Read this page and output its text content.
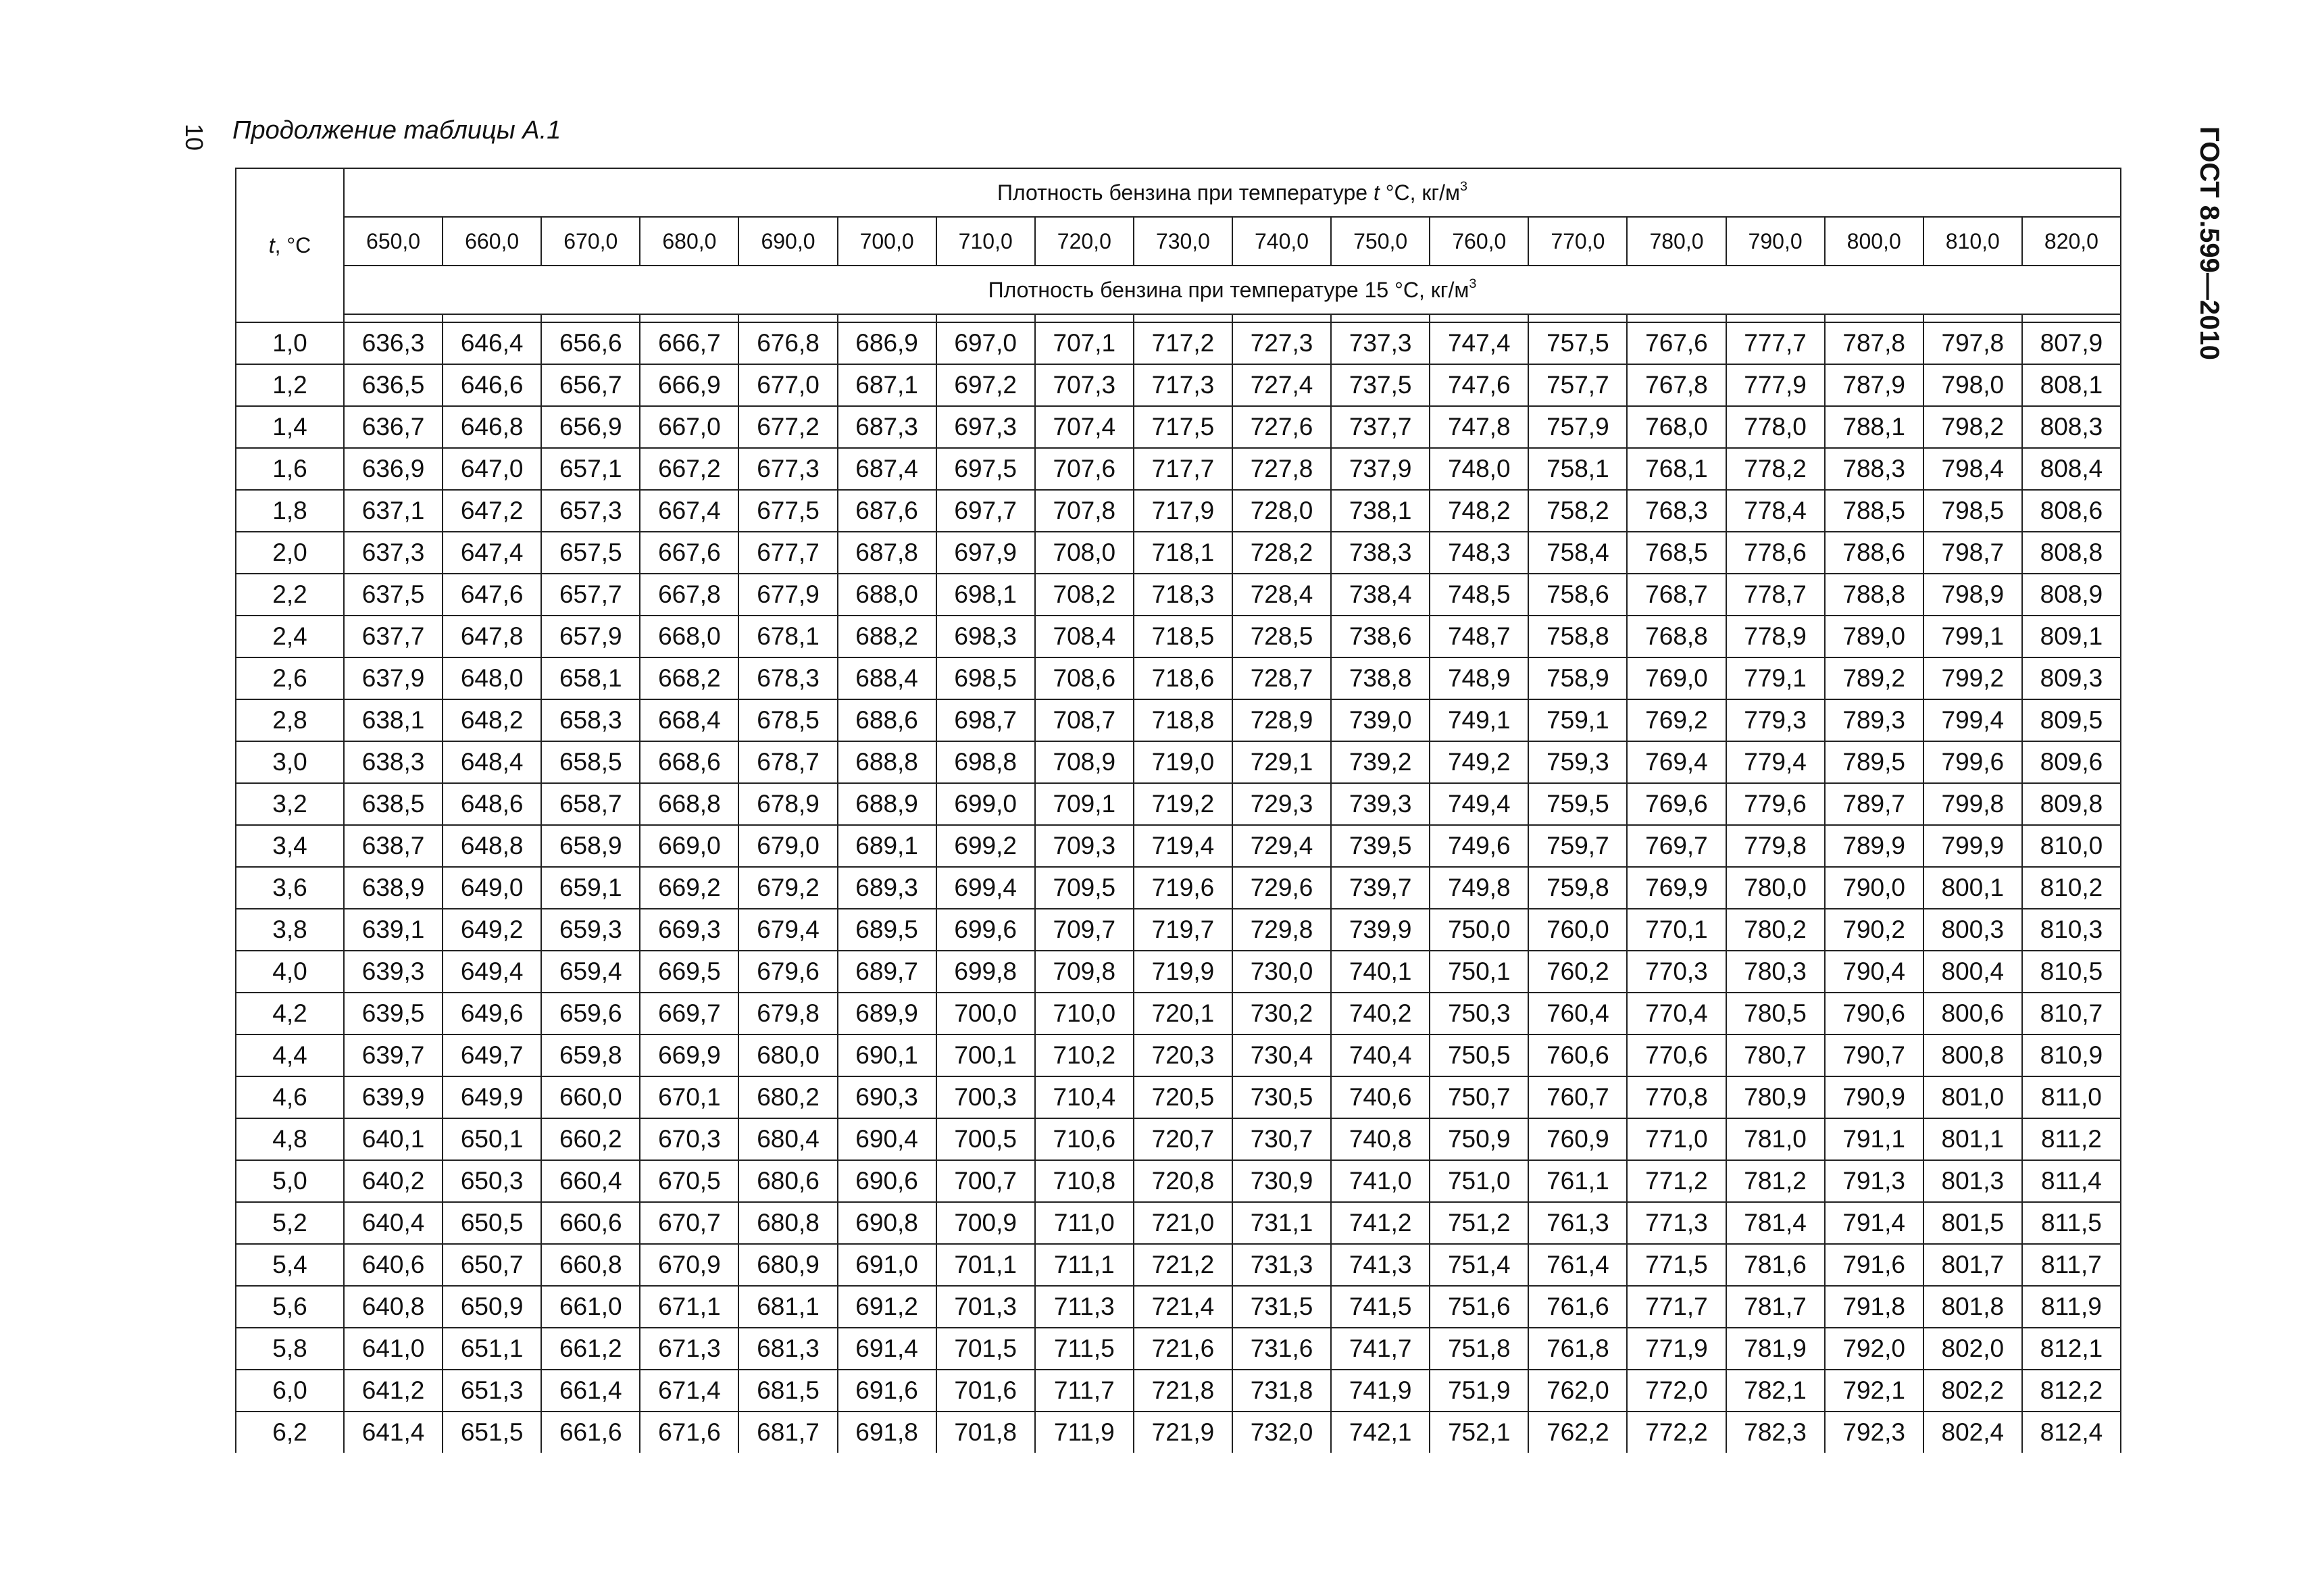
10 Продолжение таблицы А.1	ГОСТ 8.599—2010
t, °C	Плотность бензина при температуре t °C, $кг/м^3$
	650,0	660,0	670,0	680,0	690,0	700,0	710,0	720,0	730,0	740,0	750,0	760,0	770,0	780,0	790,0	800,0	810,0	820,0
	Плотность бензина при температуре 15 °C, $кг/м^3$

1,0	636,3	646,4	656,6	666,7	676,8	686,9	697,0	707,1	717,2	727,3	737,3	747,4	757,5	767,6	777,7	787,8	797,8	807,9
1,2	636,5	646,6	656,7	666,9	677,0	687,1	697,2	707,3	717,3	727,4	737,5	747,6	757,7	767,8	777,9	787,9	798,0	808,1
1,4	636,7	646,8	656,9	667,0	677,2	687,3	697,3	707,4	717,5	727,6	737,7	747,8	757,9	768,0	778,0	788,1	798,2	808,3
1,6	636,9	647,0	657,1	667,2	677,3	687,4	697,5	707,6	717,7	727,8	737,9	748,0	758,1	768,1	778,2	788,3	798,4	808,4
1,8	637,1	647,2	657,3	667,4	677,5	687,6	697,7	707,8	717,9	728,0	738,1	748,2	758,2	768,3	778,4	788,5	798,5	808,6
2,0	637,3	647,4	657,5	667,6	677,7	687,8	697,9	708,0	718,1	728,2	738,3	748,3	758,4	768,5	778,6	788,6	798,7	808,8
2,2	637,5	647,6	657,7	667,8	677,9	688,0	698,1	708,2	718,3	728,4	738,4	748,5	758,6	768,7	778,7	788,8	798,9	808,9
2,4	637,7	647,8	657,9	668,0	678,1	688,2	698,3	708,4	718,5	728,5	738,6	748,7	758,8	768,8	778,9	789,0	799,1	809,1
2,6	637,9	648,0	658,1	668,2	678,3	688,4	698,5	708,6	718,6	728,7	738,8	748,9	758,9	769,0	779,1	789,2	799,2	809,3
2,8	638,1	648,2	658,3	668,4	678,5	688,6	698,7	708,7	718,8	728,9	739,0	749,1	759,1	769,2	779,3	789,3	799,4	809,5
3,0	638,3	648,4	658,5	668,6	678,7	688,8	698,8	708,9	719,0	729,1	739,2	749,2	759,3	769,4	779,4	789,5	799,6	809,6
3,2	638,5	648,6	658,7	668,8	678,9	688,9	699,0	709,1	719,2	729,3	739,3	749,4	759,5	769,6	779,6	789,7	799,8	809,8
3,4	638,7	648,8	658,9	669,0	679,0	689,1	699,2	709,3	719,4	729,4	739,5	749,6	759,7	769,7	779,8	789,9	799,9	810,0
3,6	638,9	649,0	659,1	669,2	679,2	689,3	699,4	709,5	719,6	729,6	739,7	749,8	759,8	769,9	780,0	790,0	800,1	810,2
3,8	639,1	649,2	659,3	669,3	679,4	689,5	699,6	709,7	719,7	729,8	739,9	750,0	760,0	770,1	780,2	790,2	800,3	810,3
4,0	639,3	649,4	659,4	669,5	679,6	689,7	699,8	709,8	719,9	730,0	740,1	750,1	760,2	770,3	780,3	790,4	800,4	810,5
4,2	639,5	649,6	659,6	669,7	679,8	689,9	700,0	710,0	720,1	730,2	740,2	750,3	760,4	770,4	780,5	790,6	800,6	810,7
4,4	639,7	649,7	659,8	669,9	680,0	690,1	700,1	710,2	720,3	730,4	740,4	750,5	760,6	770,6	780,7	790,7	800,8	810,9
4,6	639,9	649,9	660,0	670,1	680,2	690,3	700,3	710,4	720,5	730,5	740,6	750,7	760,7	770,8	780,9	790,9	801,0	811,0
4,8	640,1	650,1	660,2	670,3	680,4	690,4	700,5	710,6	720,7	730,7	740,8	750,9	760,9	771,0	781,0	791,1	801,1	811,2
5,0	640,2	650,3	660,4	670,5	680,6	690,6	700,7	710,8	720,8	730,9	741,0	751,0	761,1	771,2	781,2	791,3	801,3	811,4
5,2	640,4	650,5	660,6	670,7	680,8	690,8	700,9	711,0	721,0	731,1	741,2	751,2	761,3	771,3	781,4	791,4	801,5	811,5
5,4	640,6	650,7	660,8	670,9	680,9	691,0	701,1	711,1	721,2	731,3	741,3	751,4	761,4	771,5	781,6	791,6	801,7	811,7
5,6	640,8	650,9	661,0	671,1	681,1	691,2	701,3	711,3	721,4	731,5	741,5	751,6	761,6	771,7	781,7	791,8	801,8	811,9
5,8	641,0	651,1	661,2	671,3	681,3	691,4	701,5	711,5	721,6	731,6	741,7	751,8	761,8	771,9	781,9	792,0	802,0	812,1
6,0	641,2	651,3	661,4	671,4	681,5	691,6	701,6	711,7	721,8	731,8	741,9	751,9	762,0	772,0	782,1	792,1	802,2	812,2
6,2	641,4	651,5	661,6	671,6	681,7	691,8	701,8	711,9	721,9	732,0	742,1	752,1	762,2	772,2	782,3	792,3	802,4	812,4
